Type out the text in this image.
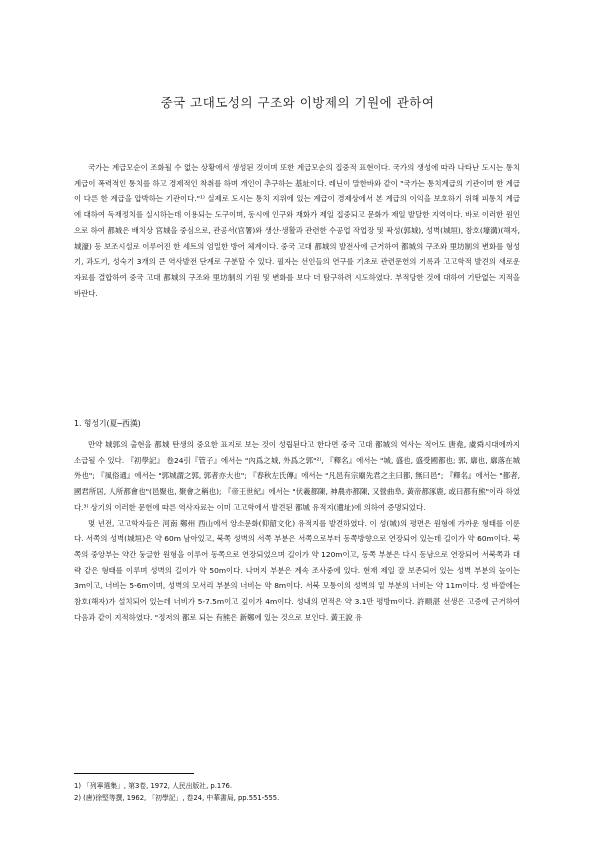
중국 고대도성의 구조와 이방제의 기원에 관하여

국가는 계급모순이 조화될 수 없는 상황에서 생성된 것이며 또한 계급모순의 집중적 표현이다. 국가의 생성에 따라 나타난 도시는 통치계급이 폭력적인 통치를 하고 경제적인 착취를 하며 개인이 추구하는 基址이다. 레닌이 말한바와 같이 "국가는 통치계급의 기관이며 한 계급이 다른 한 계급을 압박하는 기관이다."¹⁾ 실제로 도시는 통치 지위에 있는 계급이 경제상에서 본 계급의 이익을 보호하기 위해 피통치 계급에 대하여 독재정치를 실시하는데 이용되는 도구이며, 동시에 인구와 재화가 제일 집중되고 문화가 제일 발달한 지역이다. 바로 이러한 원인으로 하여 都城은 배치상 宮城을 중심으로, 관공서(官署)와 생산·생활과 관련한 수공업 작업장 및 곽성(郭城), 성벽(城垣), 참호(壕溝)(해자, 城濠) 등 보조시설로 이루어진 한 세트의 엄밀한 방어 체계이다. 중국 고대 都城의 발전사에 근거하여 都城의 구조와 里坊制의 변화를 형성기, 과도기, 성숙기 3개의 큰 역사발전 단계로 구분할 수 있다. 필자는 선인들의 연구를 기초로 관련문헌의 기록과 고고학적 발견의 새로운 자료를 결합하여 중국 고대 都城의 구조와 里坊制의 기원 및 변화를 보다 더 탐구하려 시도하였다. 부적당한 것에 대하여 기탄없는 지적을 바란다.

1. 형성기(夏─西漢)

만약 城郭의 출현을 都城 탄생의 중요한 표지로 보는 것이 성립된다고 한다면 중국 고대 都城의 역사는 적어도 唐堯, 虞舜시대에까지 소급될 수 있다. 『初學記』 卷24引『管子』에서는 "內爲之城, 外爲之郭"²⁾, 『釋名』에서는 "城, 盛也, 盛受國都也; 郭, 廓也, 廓落在城外也"; 『風俗通』에서는 "郭城謂之郭, 郭者亦大也"; 『春秋左氏傳』에서는 "凡邑有宗廟先君之主曰都, 無曰邑"; 『釋名』에서는 "都者, 國君所居, 人所都會也"(邑聚也, 聚會之稱也); 『帝王世紀』에서는 "伏羲都陳, 神農亦都陳, 又營曲阜, 黃帝都涿鹿, 或曰都有熊"이라 하였다.³⁾ 상기의 이러한 문헌에 따른 역사자료는 이미 고고학에서 발견된 都城 유적지(遺址)에 의하여 증명되었다.

몇 년전, 고고학자들은 河南 鄭州 西山에서 앙소문화(仰韶文化) 유적지를 발견하였다. 이 성(城)의 평면은 원형에 가까운 형태를 이룬다. 서쪽의 성벽(城垣)은 약 60m 남아있고, 북쪽 성벽의 서쪽 부분은 서쪽으로부터 동쪽방향으로 연장되어 있는데 길이가 약 60m이다. 북쪽의 중앙부는 약간 둥글한 원형을 이루어 동쪽으로 연장되었으며 길이가 약 120m이고, 동쪽 부분은 다시 동남으로 연장되어 서북쪽과 대략 같은 형태를 이루며 성벽의 길이가 약 50m이다. 나머지 부분은 계속 조사중에 있다. 현재 제일 잘 보존되어 있는 성벽 부분의 높이는 3m이고, 너비는 5-6m이며, 성벽의 모서리 부분의 너비는 약 8m이다. 서북 모퉁이의 성벽의 밑 부분의 너비는 약 11m이다. 성 바깥에는 참호(해자)가 설치되어 있는데 너비가 5-7.5m이고 깊이가 4m이다. 성내의 면적은 약 3.1만 평방m이다. 許順湛 선생은 고증에 근거하여 다음과 같이 지적하였다. "정저의 都로 되는 有熊은 新鄭에 있는 것으로 보인다. 黃王說 유

1) 「列寧選集」, 第3卷, 1972, 人民出版社, p.176.
2) (唐)徐堅等撰, 1962, 「初學記」, 卷24, 中華書局, pp.551-555.
